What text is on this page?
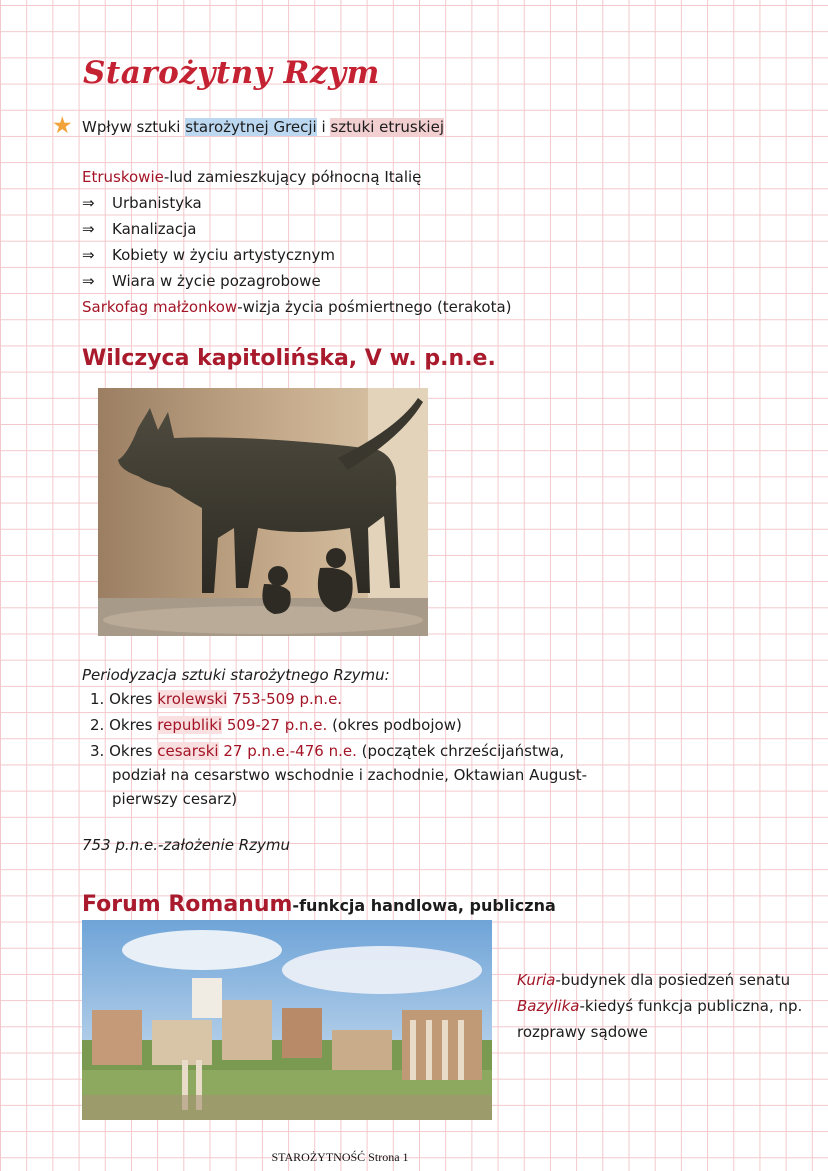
Starożytny Rzym
★ Wpływ sztuki starożytnej Grecji i sztuki etruskiej
Etruskowie-lud zamieszkujący północną Italię
⇒ Urbanistyka
⇒ Kanalizacja
⇒ Kobiety w życiu artystycznym
⇒ Wiara w życie pozagrobowe
Sarkofag małżonkow-wizja życia pośmiertnego (terakota)
Wilczyca kapitolińska, V w. p.n.e.
Periodyzacja sztuki starożytnego Rzymu:
1. Okres krolewski 753-509 p.n.e.
2. Okres republiki 509-27 p.n.e. (okres podbojow)
3. Okres cesarski 27 p.n.e.-476 n.e. (początek chrześcijaństwa,
podział na cesarstwo wschodnie i zachodnie, Oktawian August-
pierwszy cesarz)
753 p.n.e.-założenie Rzymu
Forum Romanum-funkcja handlowa, publiczna
Kuria-budynek dla posiedzeń senatu
Bazylika-kiedyś funkcja publiczna, np.
rozprawy sądowe
STAROŻYTNOŚĆ Strona 1
